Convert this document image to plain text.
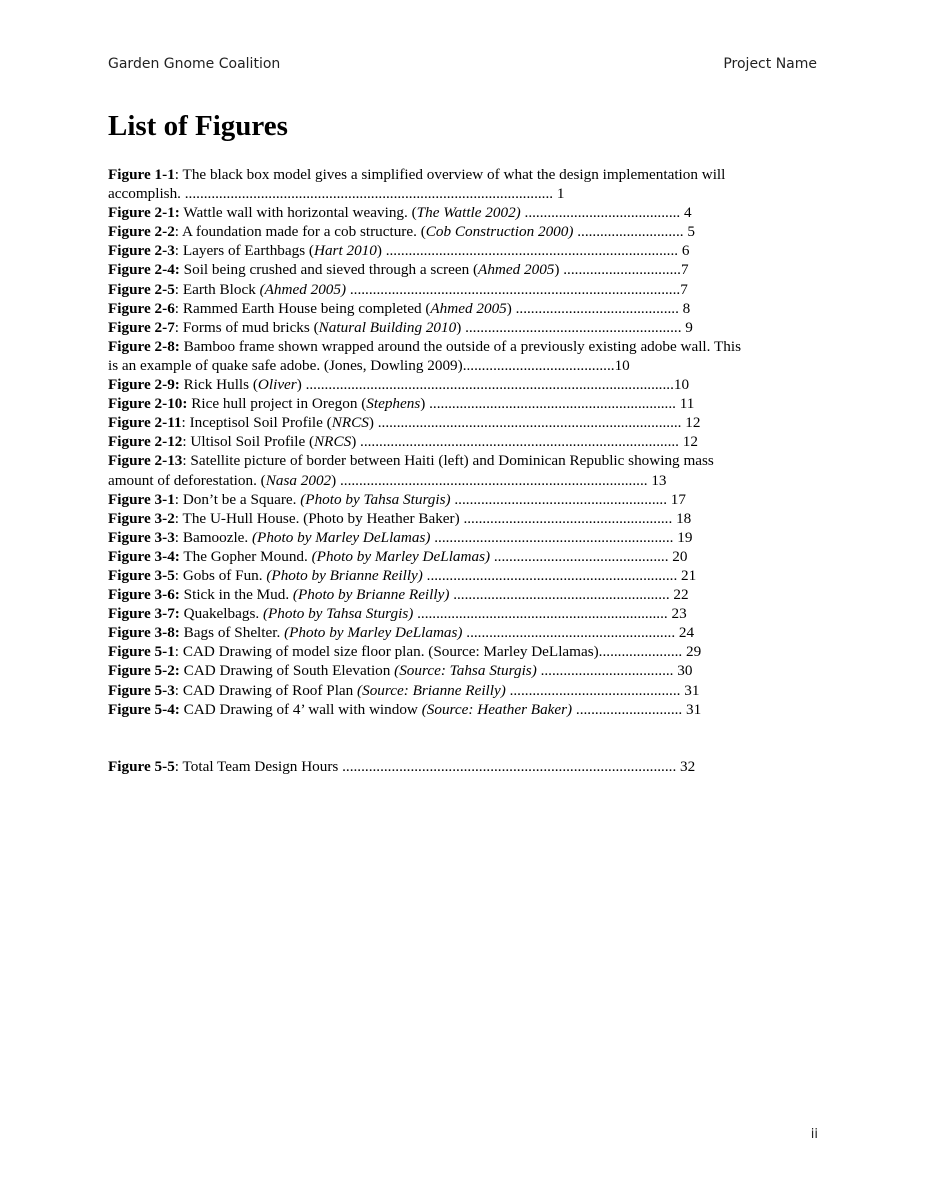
Garden Gnome Coalition	Project Name
List of Figures
Figure 1-1: The black box model gives a simplified overview of what the design implementation will
accomplish. ................................................................................................. 1
Figure 2-1: Wattle wall with horizontal weaving. (The Wattle 2002) ......................................... 4
Figure 2-2: A foundation made for a cob structure. (Cob Construction 2000) ............................ 5
Figure 2-3: Layers of Earthbags (Hart 2010) ............................................................................. 6
Figure 2-4: Soil being crushed and sieved through a screen (Ahmed 2005) ...............................7
Figure 2-5: Earth Block (Ahmed 2005) .......................................................................................7
Figure 2-6: Rammed Earth House being completed (Ahmed 2005) ........................................... 8
Figure 2-7: Forms of mud bricks (Natural Building 2010) ......................................................... 9
Figure 2-8: Bamboo frame shown wrapped around the outside of a previously existing adobe wall. This
is an example of quake safe adobe. (Jones, Dowling 2009)........................................10
Figure 2-9: Rick Hulls (Oliver) .................................................................................................10
Figure 2-10: Rice hull project in Oregon (Stephens) ................................................................. 11
Figure 2-11: Inceptisol Soil Profile (NRCS) ................................................................................ 12
Figure 2-12: Ultisol Soil Profile (NRCS) .................................................................................... 12
Figure 2-13: Satellite picture of border between Haiti (left) and Dominican Republic showing mass
amount of deforestation. (Nasa 2002) ................................................................................. 13
Figure 3-1: Don’t be a Square. (Photo by Tahsa Sturgis) ........................................................ 17
Figure 3-2: The U-Hull House. (Photo by Heather Baker) ....................................................... 18
Figure 3-3: Bamoozle. (Photo by Marley DeLlamas) ............................................................... 19
Figure 3-4: The Gopher Mound. (Photo by Marley DeLlamas) .............................................. 20
Figure 3-5: Gobs of Fun. (Photo by Brianne Reilly) .................................................................. 21
Figure 3-6: Stick in the Mud. (Photo by Brianne Reilly) ......................................................... 22
Figure 3-7: Quakelbags. (Photo by Tahsa Sturgis) .................................................................. 23
Figure 3-8: Bags of Shelter. (Photo by Marley DeLlamas) ....................................................... 24
Figure 5-1: CAD Drawing of model size floor plan. (Source: Marley DeLlamas)...................... 29
Figure 5-2: CAD Drawing of South Elevation (Source: Tahsa Sturgis) ................................... 30
Figure 5-3: CAD Drawing of Roof Plan (Source: Brianne Reilly) ............................................. 31
Figure 5-4: CAD Drawing of 4’ wall with window (Source: Heather Baker) ............................ 31
Figure 5-5: Total Team Design Hours ........................................................................................ 32
ii
